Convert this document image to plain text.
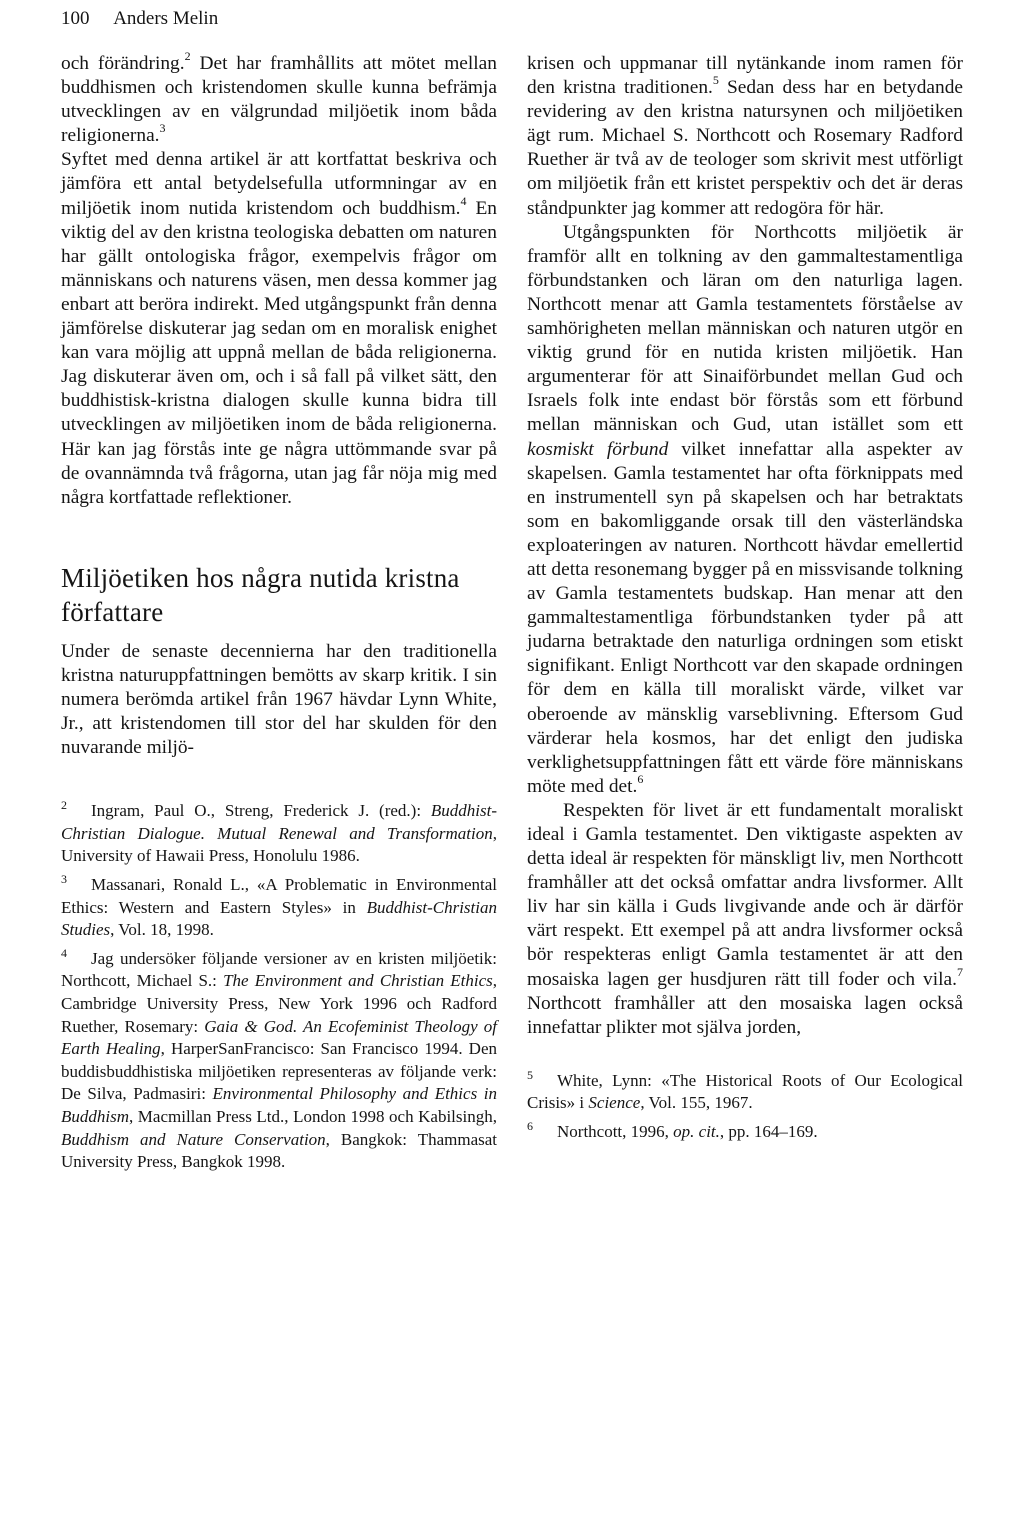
100 Anders Melin

och förändring.$^2$ Det har framhållits att mötet mellan buddhismen och kristendomen skulle kunna befrämja utvecklingen av en välgrundad miljöetik inom båda religionerna.$^3$

Syftet med denna artikel är att kortfattat beskriva och jämföra ett antal betydelsefulla utformningar av en miljöetik inom nutida kristendom och buddhism.$^4$ En viktig del av den kristna teologiska debatten om naturen har gällt ontologiska frågor, exempelvis frågor om människans och naturens väsen, men dessa kommer jag enbart att beröra indirekt. Med utgångspunkt från denna jämförelse diskuterar jag sedan om en moralisk enighet kan vara möjlig att uppnå mellan de båda religionerna. Jag diskuterar även om, och i så fall på vilket sätt, den buddhistisk-kristna dialogen skulle kunna bidra till utvecklingen av miljöetiken inom de båda religionerna. Här kan jag förstås inte ge några uttömmande svar på de ovannämnda två frågorna, utan jag får nöja mig med några kortfattade reflektioner.

Miljöetiken hos några nutida kristna författare

Under de senaste decennierna har den traditionella kristna naturuppfattningen bemötts av skarp kritik. I sin numera berömda artikel från 1967 hävdar Lynn White, Jr., att kristendomen till stor del har skulden för den nuvarande miljö-

2 Ingram, Paul O., Streng, Frederick J. (red.): Buddhist-Christian Dialogue. Mutual Renewal and Transformation, University of Hawaii Press, Honolulu 1986.

3 Massanari, Ronald L., «A Problematic in Environmental Ethics: Western and Eastern Styles» in Buddhist-Christian Studies, Vol. 18, 1998.

4 Jag undersöker följande versioner av en kristen miljöetik: Northcott, Michael S.: The Environment and Christian Ethics, Cambridge University Press, New York 1996 och Radford Ruether, Rosemary: Gaia & God. An Ecofeminist Theology of Earth Healing, HarperSanFrancisco: San Francisco 1994. Den buddisbuddhistiska miljöetiken representeras av följande verk: De Silva, Padmasiri: Environmental Philosophy and Ethics in Buddhism, Macmillan Press Ltd., London 1998 och Kabilsingh, Buddhism and Nature Conservation, Bangkok: Thammasat University Press, Bangkok 1998.

krisen och uppmanar till nytänkande inom ramen för den kristna traditionen.$^5$ Sedan dess har en betydande revidering av den kristna natursynen och miljöetiken ägt rum. Michael S. Northcott och Rosemary Radford Ruether är två av de teologer som skrivit mest utförligt om miljöetik från ett kristet perspektiv och det är deras ståndpunkter jag kommer att redogöra för här.

Utgångspunkten för Northcotts miljöetik är framför allt en tolkning av den gammaltestamentliga förbundstanken och läran om den naturliga lagen. Northcott menar att Gamla testamentets förståelse av samhörigheten mellan människan och naturen utgör en viktig grund för en nutida kristen miljöetik. Han argumenterar för att Sinaiförbundet mellan Gud och Israels folk inte endast bör förstås som ett förbund mellan människan och Gud, utan istället som ett kosmiskt förbund vilket innefattar alla aspekter av skapelsen. Gamla testamentet har ofta förknippats med en instrumentell syn på skapelsen och har betraktats som en bakomliggande orsak till den västerländska exploateringen av naturen. Northcott hävdar emellertid att detta resonemang bygger på en missvisande tolkning av Gamla testamentets budskap. Han menar att den gammaltestamentliga förbundstanken tyder på att judarna betraktade den naturliga ordningen som etiskt signifikant. Enligt Northcott var den skapade ordningen för dem en källa till moraliskt värde, vilket var oberoende av mänsklig varseblivning. Eftersom Gud värderar hela kosmos, har det enligt den judiska verklighetsuppfattningen fått ett värde före människans möte med det.$^6$

Respekten för livet är ett fundamentalt moraliskt ideal i Gamla testamentet. Den viktigaste aspekten av detta ideal är respekten för mänskligt liv, men Northcott framhåller att det också omfattar andra livsformer. Allt liv har sin källa i Guds livgivande ande och är därför värt respekt. Ett exempel på att andra livsformer också bör respekteras enligt Gamla testamentet är att den mosaiska lagen ger husdjuren rätt till foder och vila.$^7$ Northcott framhåller att den mosaiska lagen också innefattar plikter mot själva jorden,

5 White, Lynn: «The Historical Roots of Our Ecological Crisis» i Science, Vol. 155, 1967.

6 Northcott, 1996, op. cit., pp. 164–169.
